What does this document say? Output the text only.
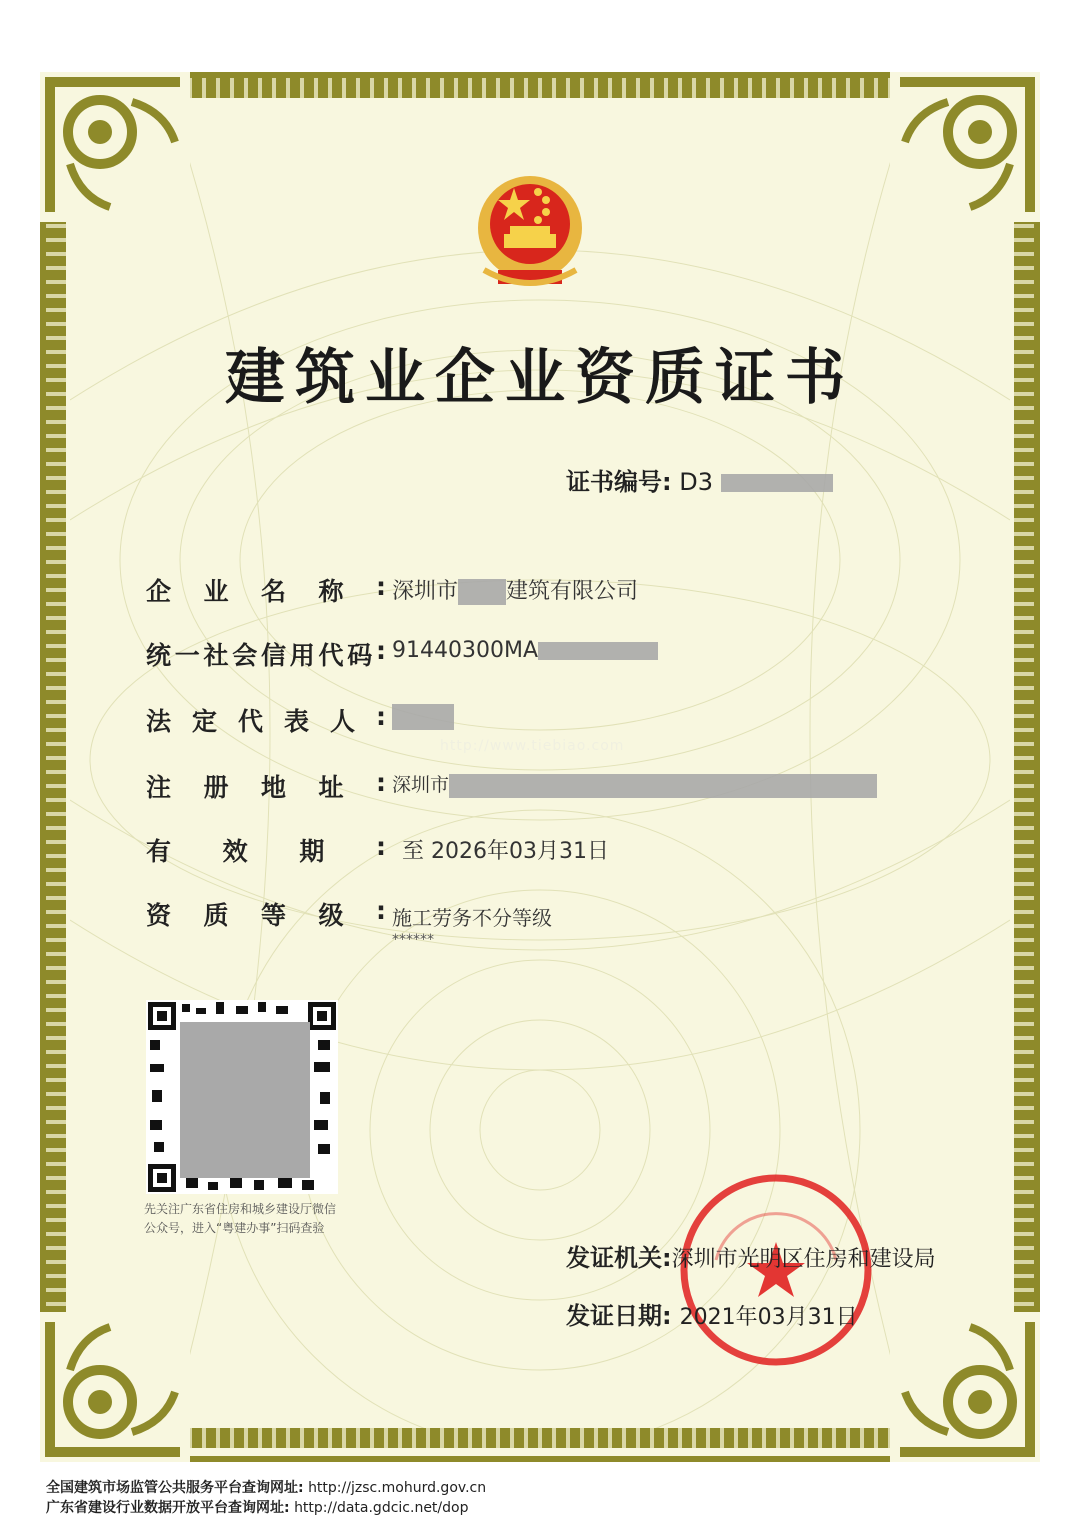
建筑业企业资质证书
证书编号: D3
企 业 名 称 : 深圳市 建筑有限公司
统 一 社 会 信 用 代 码 : 91440300MA
法 定 代 表 人 :
注 册 地 址 : 深圳市
有 效 期 : 至 2026年03月31日
资 质 等 级 : 施工劳务不分等级
******
http://www.tiebiao.com
先关注广东省住房和城乡建设厅微信公众号，进入“粤建办事”扫码查验
发证机关:深圳市光明区住房和建设局
发证日期: 2021年03月31日
全国建筑市场监管公共服务平台查询网址: http://jzsc.mohurd.gov.cn
广东省建设行业数据开放平台查询网址: http://data.gdcic.net/dop
